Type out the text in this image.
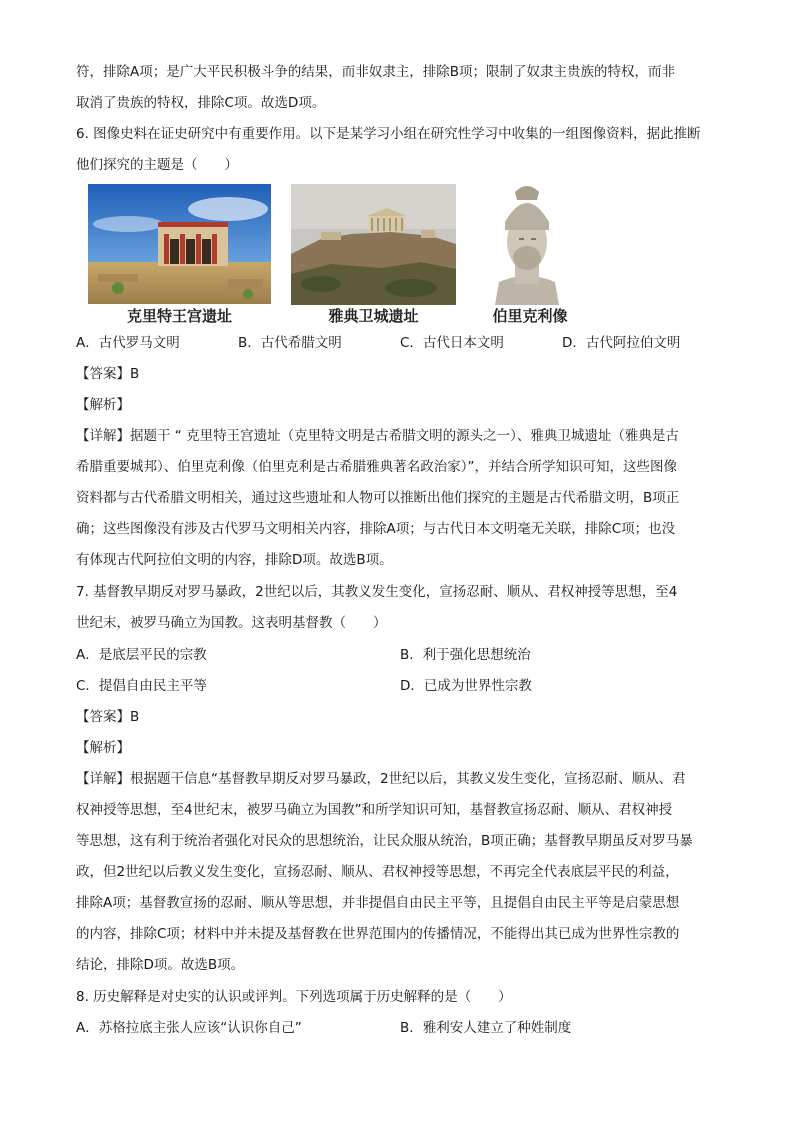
符，排除A项；是广大平民积极斗争的结果，而非奴隶主，排除B项；限制了奴隶主贵族的特权，而非
取消了贵族的特权，排除C项。故选D项。
6. 图像史料在证史研究中有重要作用。以下是某学习小组在研究性学习中收集的一组图像资料，据此推断
他们探究的主题是（　　）
克里特王宫遗址	雅典卫城遗址	伯里克利像
A．古代罗马文明	B．古代希腊文明	C．古代日本文明	D．古代阿拉伯文明
【答案】B
【解析】
【详解】据题干 “ 克里特王宫遗址（克里特文明是古希腊文明的源头之一）、雅典卫城遗址（雅典是古
希腊重要城邦）、伯里克利像（伯里克利是古希腊雅典著名政治家）”，并结合所学知识可知，这些图像
资料都与古代希腊文明相关，通过这些遗址和人物可以推断出他们探究的主题是古代希腊文明，B项正
确；这些图像没有涉及古代罗马文明相关内容，排除A项；与古代日本文明毫无关联，排除C项；也没
有体现古代阿拉伯文明的内容，排除D项。故选B项。
7. 基督教早期反对罗马暴政，2世纪以后，其教义发生变化，宣扬忍耐、顺从、君权神授等思想，至4
世纪末，被罗马确立为国教。这表明基督教（　　）
A．是底层平民的宗教	B．利于强化思想统治
C．提倡自由民主平等	D．已成为世界性宗教
【答案】B
【解析】
【详解】根据题干信息“基督教早期反对罗马暴政，2世纪以后，其教义发生变化，宣扬忍耐、顺从、君
权神授等思想，至4世纪末，被罗马确立为国教”和所学知识可知，基督教宣扬忍耐、顺从、君权神授
等思想，这有利于统治者强化对民众的思想统治，让民众服从统治，B项正确；基督教早期虽反对罗马暴
政，但2世纪以后教义发生变化，宣扬忍耐、顺从、君权神授等思想，不再完全代表底层平民的利益，
排除A项；基督教宣扬的忍耐、顺从等思想，并非提倡自由民主平等，且提倡自由民主平等是启蒙思想
的内容，排除C项；材料中并未提及基督教在世界范围内的传播情况，不能得出其已成为世界性宗教的
结论，排除D项。故选B项。
8. 历史解释是对史实的认识或评判。下列选项属于历史解释的是（　　）
A．苏格拉底主张人应该“认识你自己”	B．雅利安人建立了种姓制度
